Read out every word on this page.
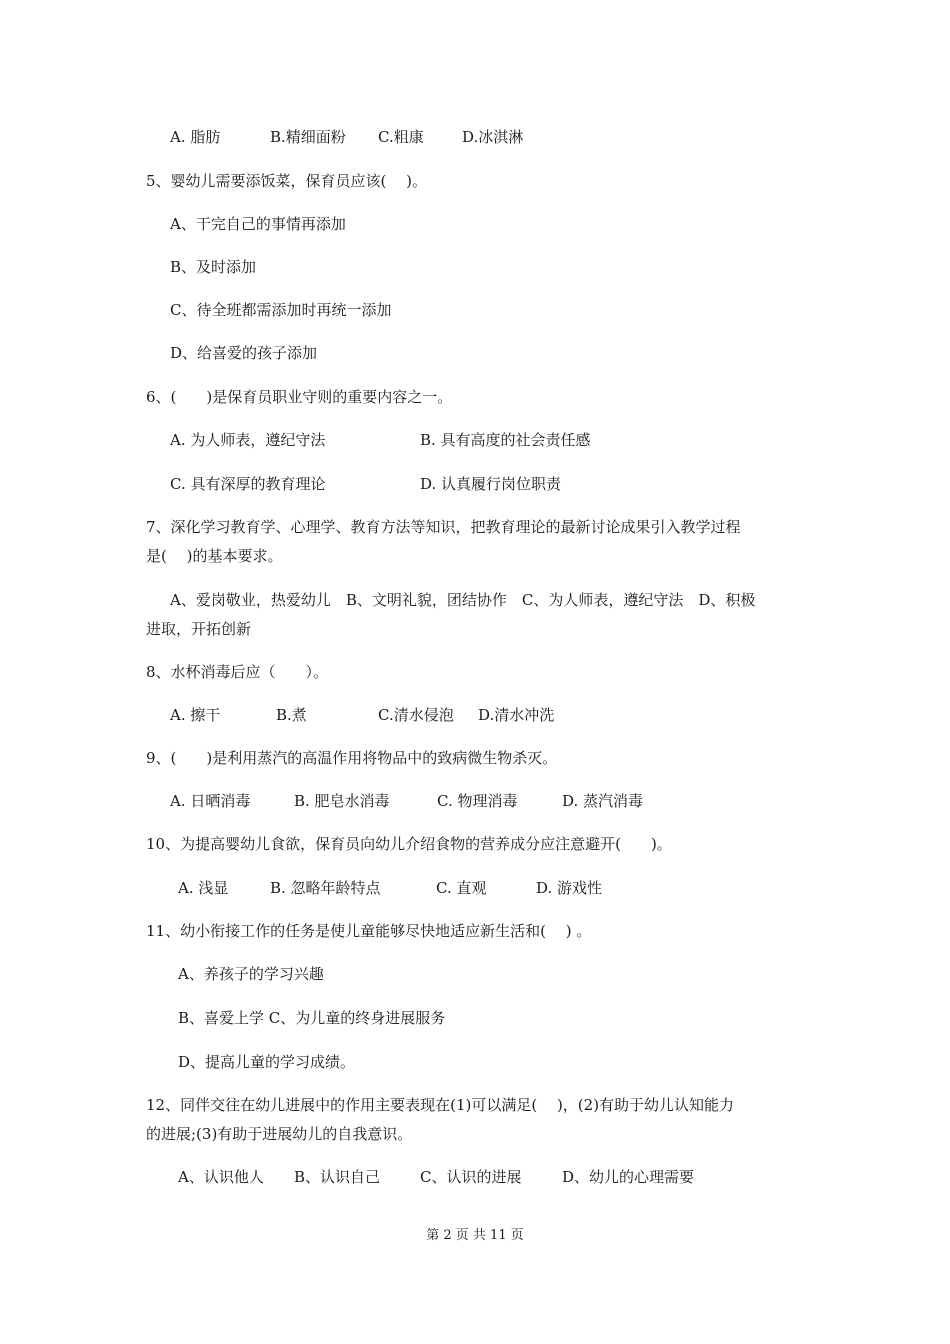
A. 脂肪	B.精细面粉 C.粗康	D.冰淇淋
5、婴幼儿需要添饭菜，保育员应该(　 )。
A、干完自己的事情再添加
B、及时添加
C、待全班都需添加时再统一添加
D、给喜爱的孩子添加
6、(　　)是保育员职业守则的重要内容之一。
A. 为人师表，遵纪守法	B. 具有高度的社会责任感
C. 具有深厚的教育理论	D. 认真履行岗位职责
7、深化学习教育学、心理学、教育方法等知识，把教育理论的最新讨论成果引入教学过程
是(　 )的基本要求。
A、爱岗敬业，热爱幼儿　B、文明礼貌，团结协作　C、为人师表，遵纪守法　D、积极
进取，开拓创新
8、水杯消毒后应（　　）。
A. 擦干	B.煮	C.清水侵泡 D.清水冲洗
9、(　　)是利用蒸汽的高温作用将物品中的致病微生物杀灭。
A. 日晒消毒	B. 肥皂水消毒	C. 物理消毒	D. 蒸汽消毒
10、为提高婴幼儿食欲，保育员向幼儿介绍食物的营养成分应注意避开(　　)。
A. 浅显	B. 忽略年龄特点	C. 直观	D. 游戏性
11、幼小衔接工作的任务是使儿童能够尽快地适应新生活和(　 ) 。
A、养孩子的学习兴趣
B、喜爱上学 C、为儿童的终身进展服务
D、提高儿童的学习成绩。
12、同伴交往在幼儿进展中的作用主要表现在(1)可以满足(　 )，(2)有助于幼儿认知能力
的进展;(3)有助于进展幼儿的自我意识。
A、认识他人 B、认识自己	C、认识的进展	D、幼儿的心理需要
第 2 页 共 11 页
